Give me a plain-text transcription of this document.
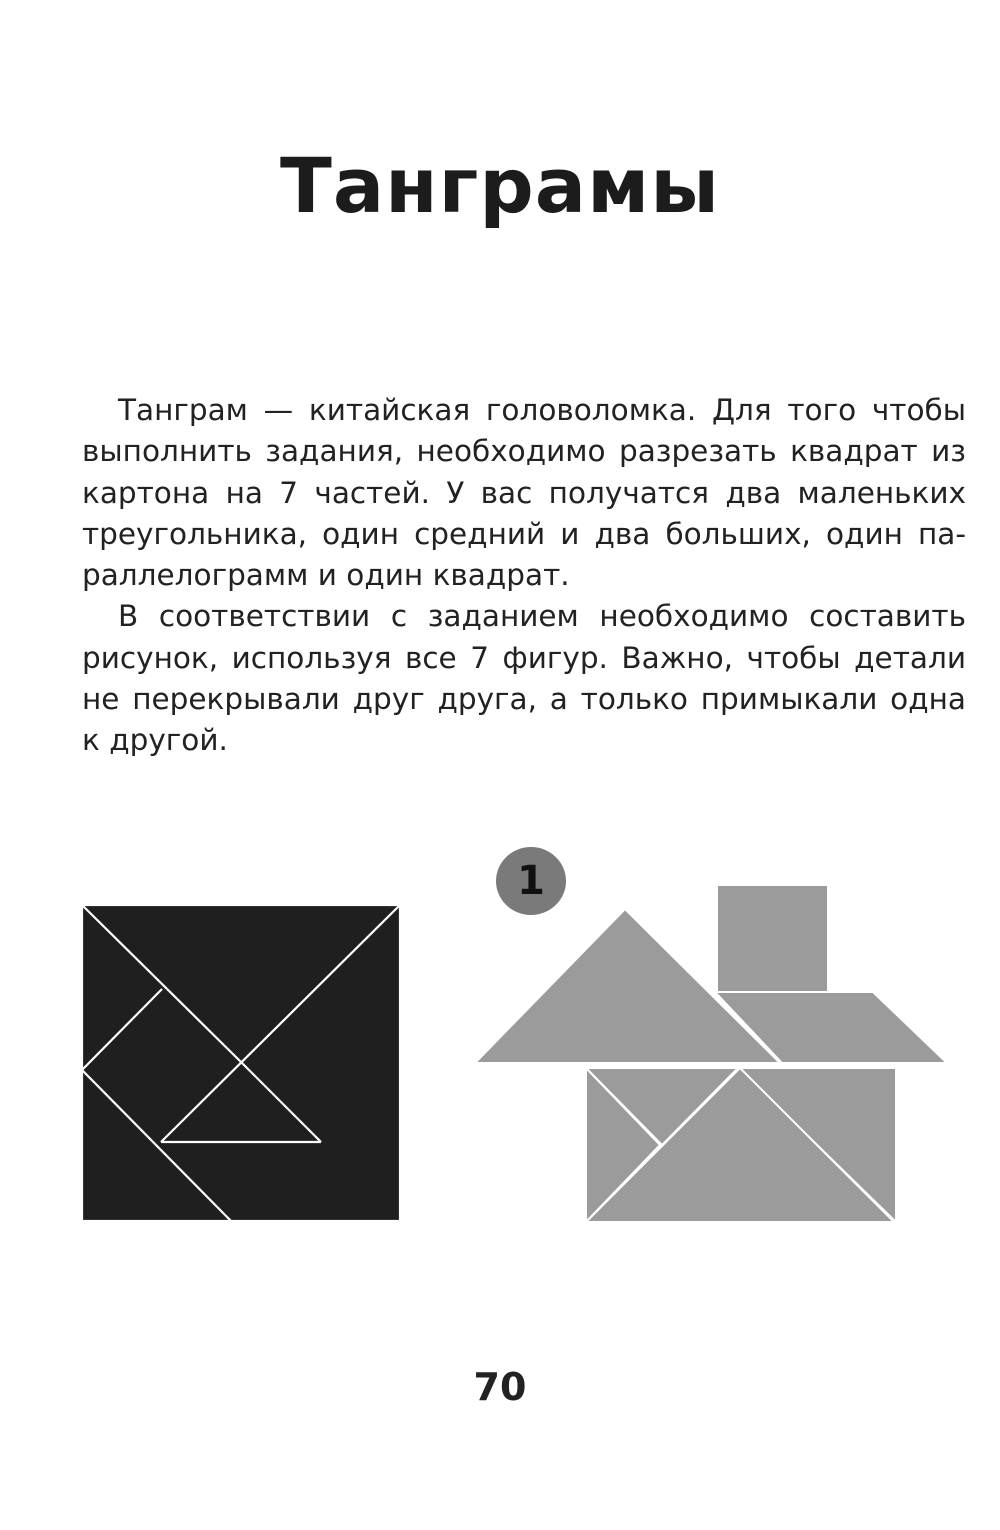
Танграмы

Танграм — китайская головоломка. Для того чтобы выполнить задания, необходимо разрезать квадрат из картона на 7 частей. У вас получатся два маленьких треугольника, один средний и два больших, один параллелограмм и один квадрат.

В соответствии с заданием необходимо составить рисунок, используя все 7 фигур. Важно, чтобы детали не перекрывали друг друга, а только примыкали одна к другой.

1
70
